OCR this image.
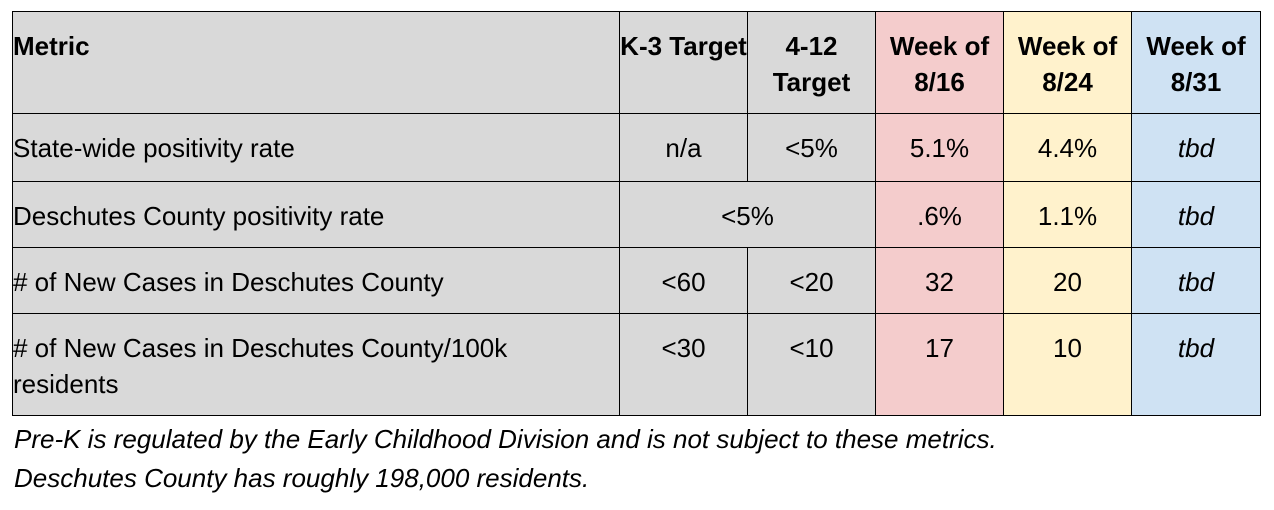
Metric	K-3 Target	4-12 Target	Week of 8/16	Week of 8/24	Week of 8/31

State-wide positivity rate	n/a	<5%	5.1%	4.4%	tbd

Deschutes County positivity rate	<5%		.6%	1.1%	tbd

# of New Cases in Deschutes County	<60	<20	32	20	tbd

# of New Cases in Deschutes County/100k residents	<30	<10	17	10	tbd
Pre-K is regulated by the Early Childhood Division and is not subject to these metrics.
Deschutes County has roughly 198,000 residents.
